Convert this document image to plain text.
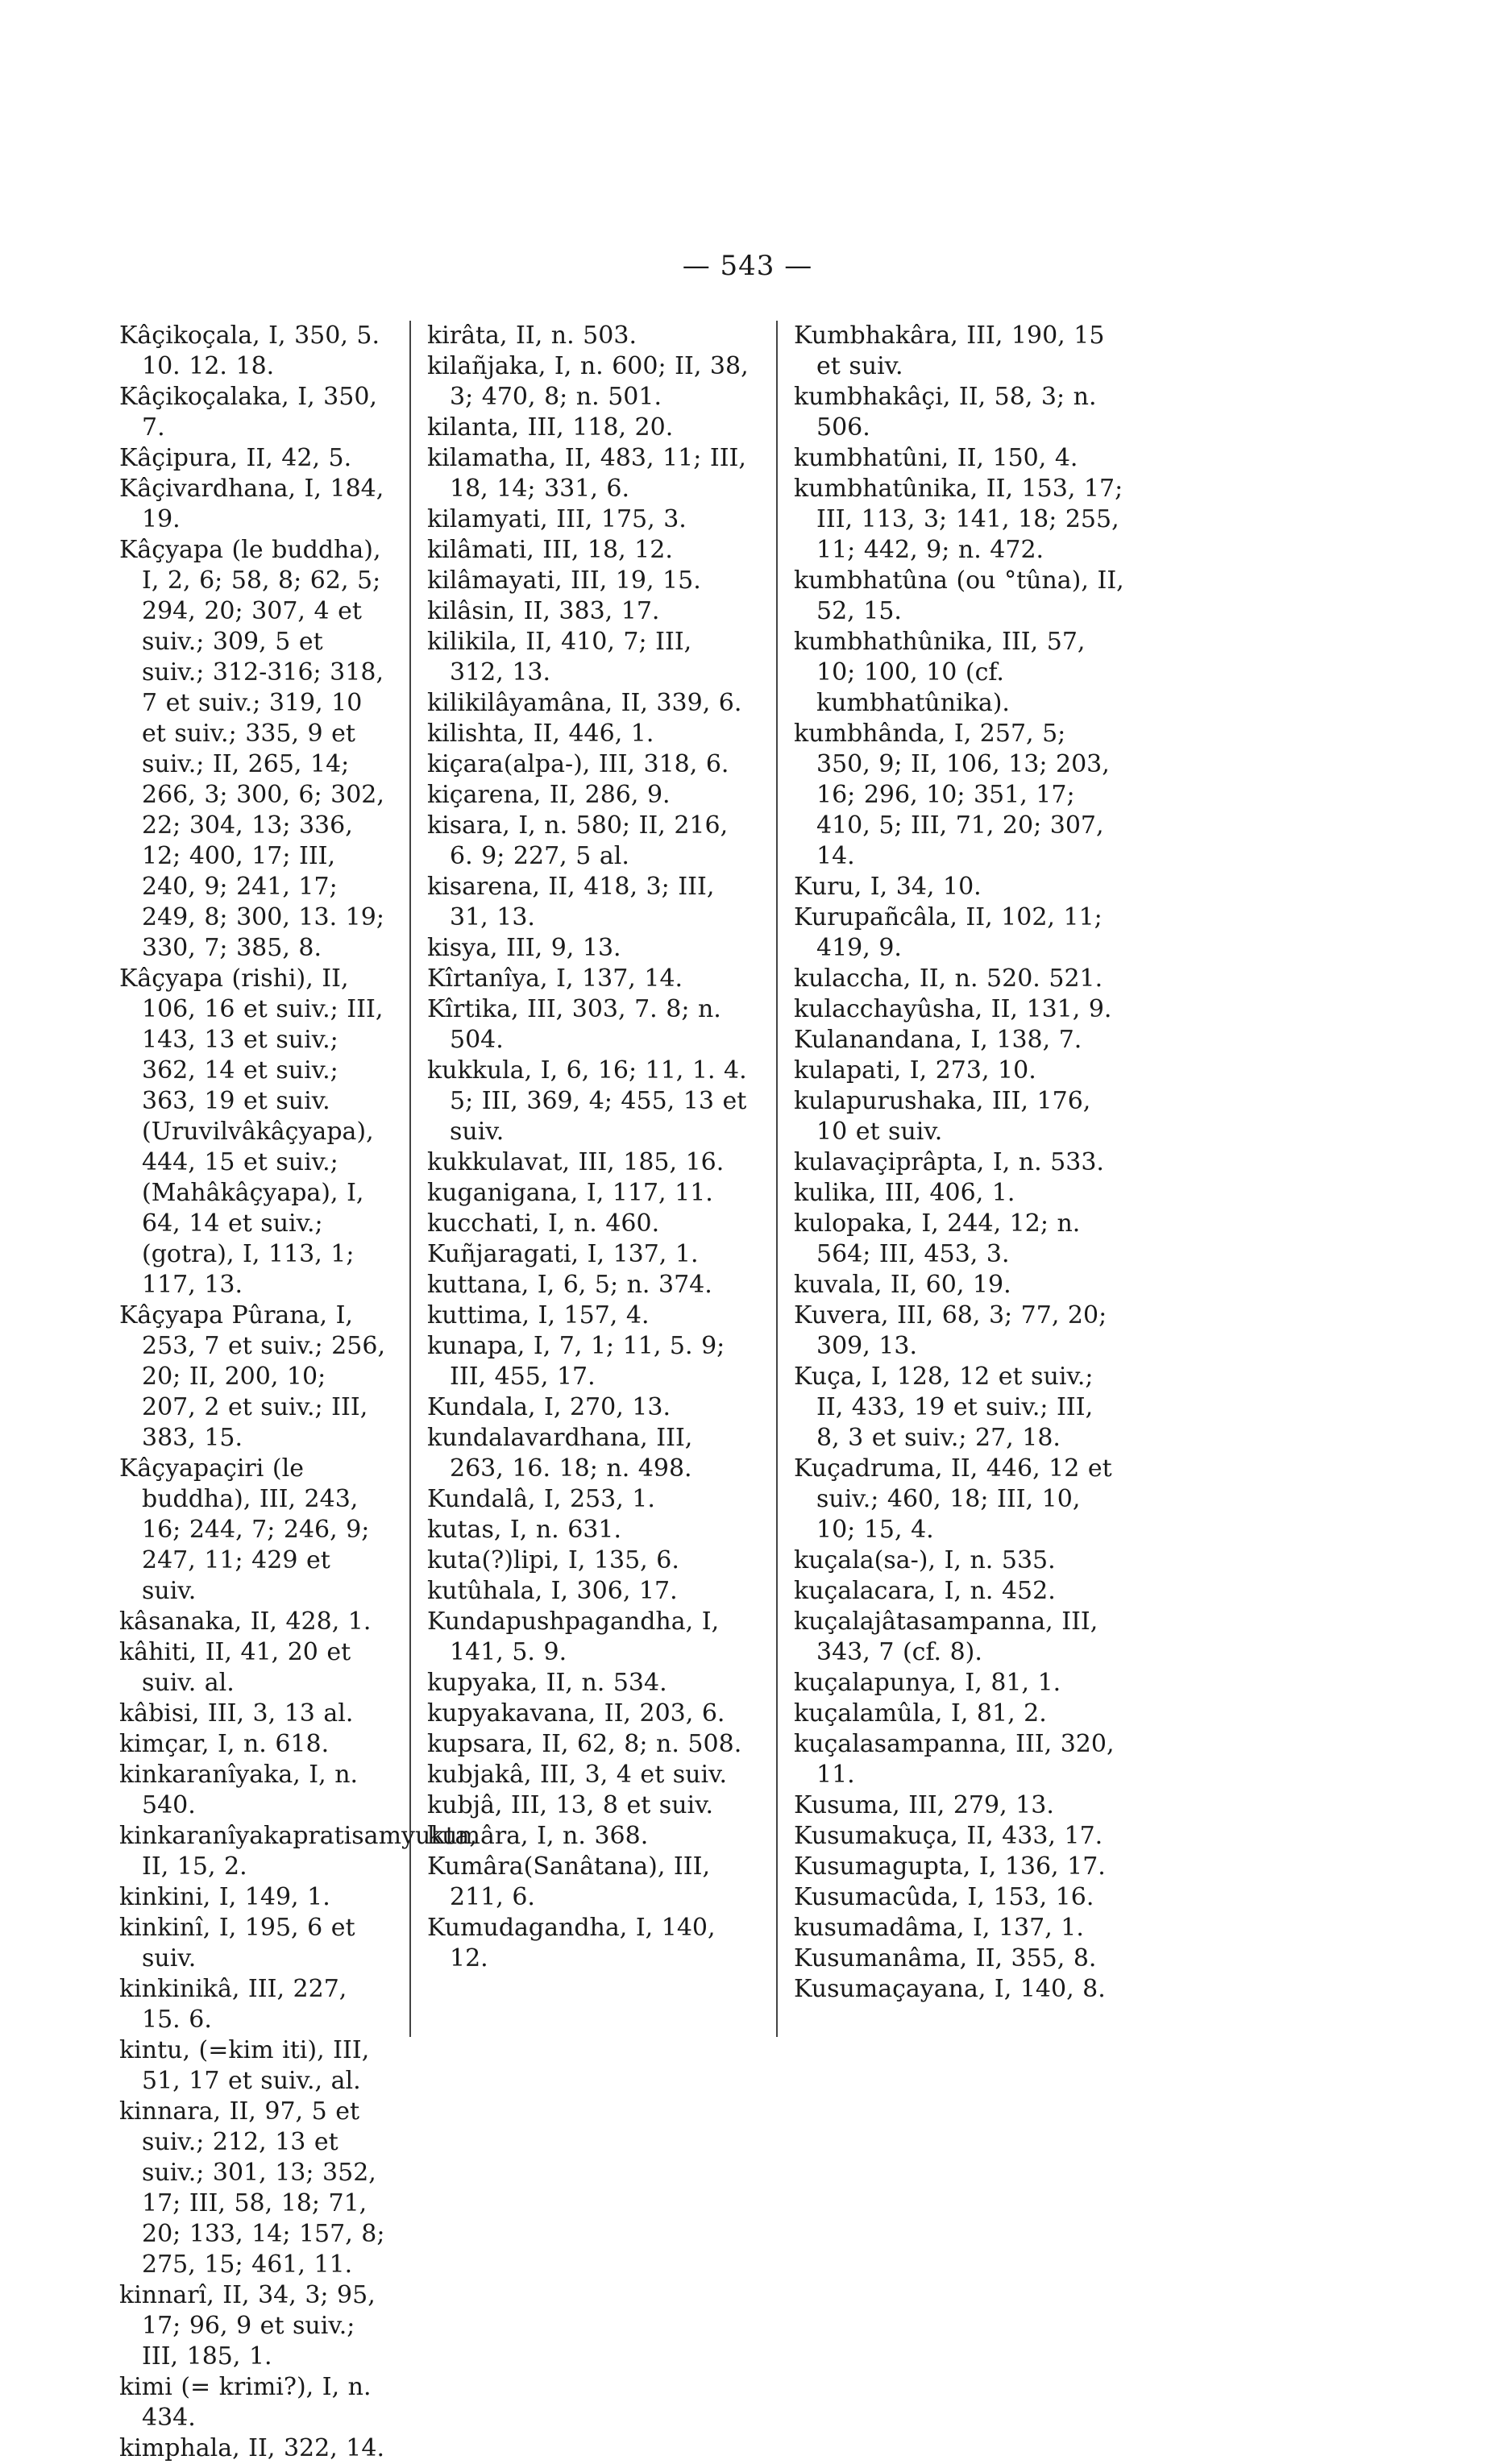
— 543 —
Kâçikoçala, I, 350, 5. 10. 12. 18.
Kâçikoçalaka, I, 350, 7.
Kâçipura, II, 42, 5.
Kâçivardhana, I, 184, 19.
Kâçyapa (le buddha), I, 2, 6; 58, 8; 62, 5; 294, 20; 307, 4 et suiv.; 309, 5 et suiv.; 312-316; 318, 7 et suiv.; 319, 10 et suiv.; 335, 9 et suiv.; II, 265, 14; 266, 3; 300, 6; 302, 22; 304, 13; 336, 12; 400, 17; III, 240, 9; 241, 17; 249, 8; 300, 13. 19; 330, 7; 385, 8.
Kâçyapa (rishi), II, 106, 16 et suiv.; III, 143, 13 et suiv.; 362, 14 et suiv.; 363, 19 et suiv. (Uruvilvâkâçyapa), 444, 15 et suiv.; (Mahâkâçyapa), I, 64, 14 et suiv.; (gotra), I, 113, 1; 117, 13.
Kâçyapa Pûrana, I, 253, 7 et suiv.; 256, 20; II, 200, 10; 207, 2 et suiv.; III, 383, 15.
Kâçyapaçiri (le buddha), III, 243, 16; 244, 7; 246, 9; 247, 11; 429 et suiv.
kâsanaka, II, 428, 1.
kâhiti, II, 41, 20 et suiv. al.
kâbisi, III, 3, 13 al.
kimçar, I, n. 618.
kinkaranîyaka, I, n. 540.
kinkaranîyakapratisamyukta, II, 15, 2.
kinkini, I, 149, 1.
kinkinî, I, 195, 6 et suiv.
kinkinikâ, III, 227, 15. 6.
kintu, (=kim iti), III, 51, 17 et suiv., al.
kinnara, II, 97, 5 et suiv.; 212, 13 et suiv.; 301, 13; 352, 17; III, 58, 18; 71, 20; 133, 14; 157, 8; 275, 15; 461, 11.
kinnarî, II, 34, 3; 95, 17; 96, 9 et suiv.; III, 185, 1.
kimi (= krimi?), I, n. 434.
kimphala, II, 322, 14.
kirâta, II, n. 503.
kilañjaka, I, n. 600; II, 38, 3; 470, 8; n. 501.
kilanta, III, 118, 20.
kilamatha, II, 483, 11; III, 18, 14; 331, 6.
kilamyati, III, 175, 3.
kilâmati, III, 18, 12.
kilâmayati, III, 19, 15.
kilâsin, II, 383, 17.
kilikila, II, 410, 7; III, 312, 13.
kilikilâyamâna, II, 339, 6.
kilishta, II, 446, 1.
kiçara(alpa-), III, 318, 6.
kiçarena, II, 286, 9.
kisara, I, n. 580; II, 216, 6. 9; 227, 5 al.
kisarena, II, 418, 3; III, 31, 13.
kisya, III, 9, 13.
Kîrtanîya, I, 137, 14.
Kîrtika, III, 303, 7. 8; n. 504.
kukkula, I, 6, 16; 11, 1. 4. 5; III, 369, 4; 455, 13 et suiv.
kukkulavat, III, 185, 16.
kuganigana, I, 117, 11.
kucchati, I, n. 460.
Kuñjaragati, I, 137, 1.
kuttana, I, 6, 5; n. 374.
kuttima, I, 157, 4.
kunapa, I, 7, 1; 11, 5. 9; III, 455, 17.
Kundala, I, 270, 13.
kundalavardhana, III, 263, 16. 18; n. 498.
Kundalâ, I, 253, 1.
kutas, I, n. 631.
kuta(?)lipi, I, 135, 6.
kutûhala, I, 306, 17.
Kundapushpagandha, I, 141, 5. 9.
kupyaka, II, n. 534.
kupyakavana, II, 203, 6.
kupsara, II, 62, 8; n. 508.
kubjakâ, III, 3, 4 et suiv.
kubjâ, III, 13, 8 et suiv.
kumâra, I, n. 368.
Kumâra(Sanâtana), III, 211, 6.
Kumudagandha, I, 140, 12.
Kumbhakâra, III, 190, 15 et suiv.
kumbhakâçi, II, 58, 3; n. 506.
kumbhatûni, II, 150, 4.
kumbhatûnika, II, 153, 17; III, 113, 3; 141, 18; 255, 11; 442, 9; n. 472.
kumbhatûna (ou °tûna), II, 52, 15.
kumbhathûnika, III, 57, 10; 100, 10 (cf. kumbhatûnika).
kumbhânda, I, 257, 5; 350, 9; II, 106, 13; 203, 16; 296, 10; 351, 17; 410, 5; III, 71, 20; 307, 14.
Kuru, I, 34, 10.
Kurupañcâla, II, 102, 11; 419, 9.
kulaccha, II, n. 520. 521.
kulacchayûsha, II, 131, 9.
Kulanandana, I, 138, 7.
kulapati, I, 273, 10.
kulapurushaka, III, 176, 10 et suiv.
kulavaçiprâpta, I, n. 533.
kulika, III, 406, 1.
kulopaka, I, 244, 12; n. 564; III, 453, 3.
kuvala, II, 60, 19.
Kuvera, III, 68, 3; 77, 20; 309, 13.
Kuça, I, 128, 12 et suiv.; II, 433, 19 et suiv.; III, 8, 3 et suiv.; 27, 18.
Kuçadruma, II, 446, 12 et suiv.; 460, 18; III, 10, 10; 15, 4.
kuçala(sa-), I, n. 535.
kuçalacara, I, n. 452.
kuçalajâtasampanna, III, 343, 7 (cf. 8).
kuçalapunya, I, 81, 1.
kuçalamûla, I, 81, 2.
kuçalasampanna, III, 320, 11.
Kusuma, III, 279, 13.
Kusumakuça, II, 433, 17.
Kusumagupta, I, 136, 17.
Kusumacûda, I, 153, 16.
kusumadâma, I, 137, 1.
Kusumanâma, II, 355, 8.
Kusumaçayana, I, 140, 8.
